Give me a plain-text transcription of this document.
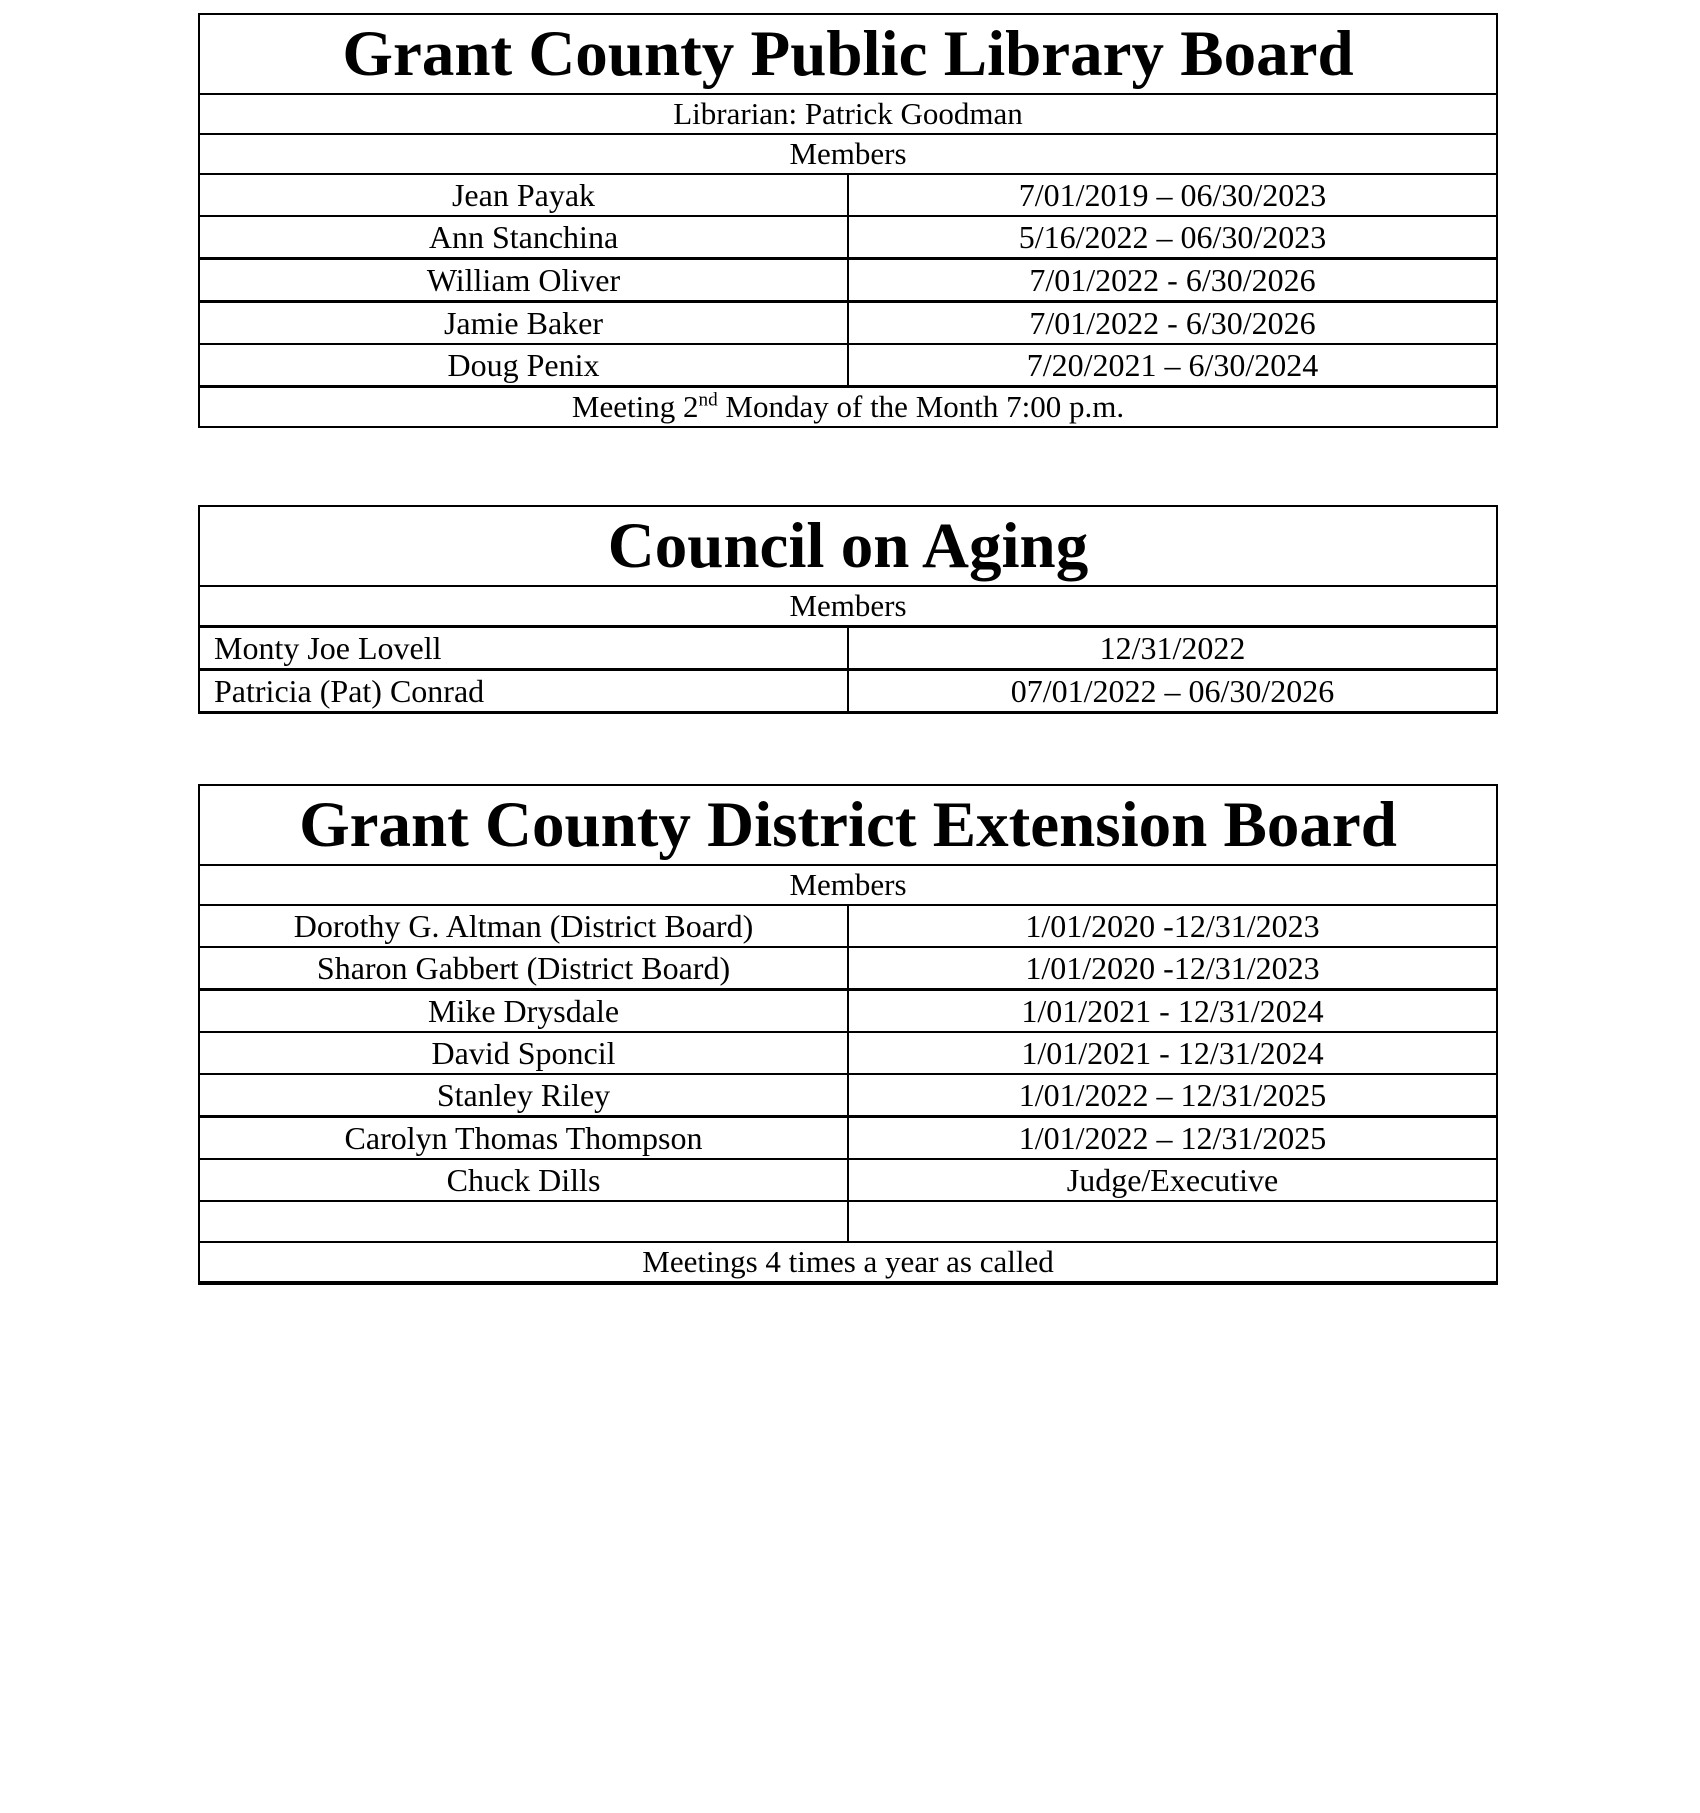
Grant County Public Library Board	
Librarian: Patrick Goodman	
Members	
Jean Payak	7/01/2019 – 06/30/2023
Ann Stanchina	5/16/2022 – 06/30/2023
William Oliver	7/01/2022 - 6/30/2026
Jamie Baker	7/01/2022 - 6/30/2026
Doug Penix	7/20/2021 – 6/30/2024
Meeting 2nd Monday of the Month 7:00 p.m.	
Council on Aging	
Members	
Monty Joe Lovell	12/31/2022
Patricia (Pat) Conrad	07/01/2022 – 06/30/2026
Grant County District Extension Board	
Members	
Dorothy G. Altman (District Board)	1/01/2020 -12/31/2023
Sharon Gabbert (District Board)	1/01/2020 -12/31/2023
Mike Drysdale	1/01/2021 - 12/31/2024
David Sponcil	1/01/2021 - 12/31/2024
Stanley Riley	1/01/2022 – 12/31/2025
Carolyn Thomas Thompson	1/01/2022 – 12/31/2025
Chuck Dills	Judge/Executive

Meetings 4 times a year as called	
